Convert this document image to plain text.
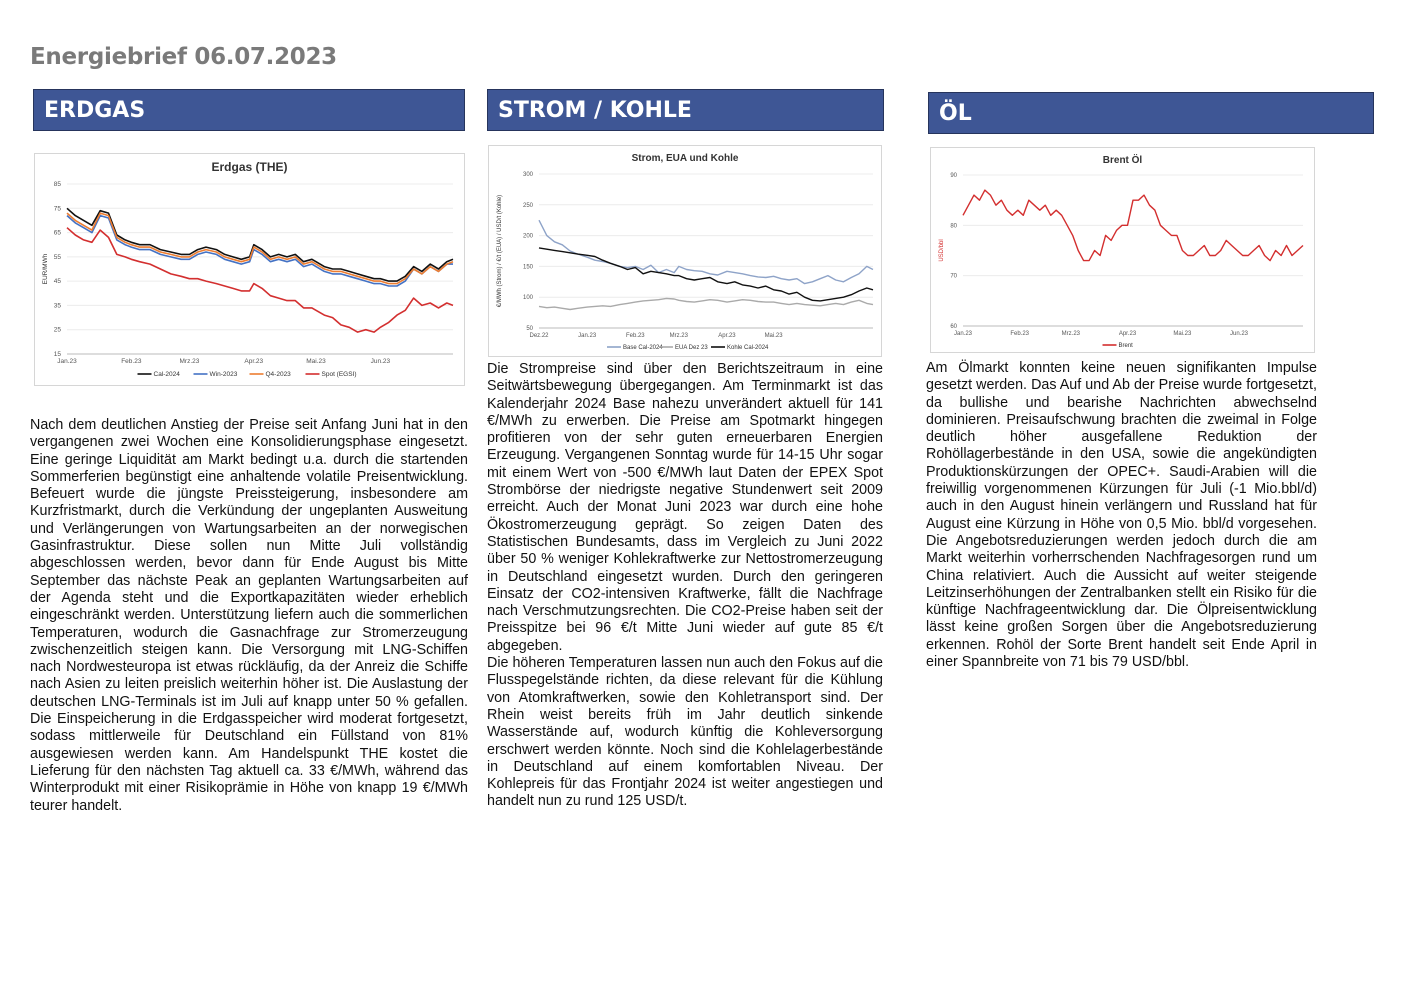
Energiebrief 06.07.2023
ERDGAS	STROM / KOHLE	ÖL
Erdgas (THE)
15
25
35
45
55
65
75
85
Jan.23	Feb.23	Mrz.23	Apr.23	Mai.23	Jun.23
EUR/MWh
Cal-2024	Win-2023	Q4-2023	Spot (EGSI)
Strom, EUA und Kohle
50
100
150
200
250
300
Dez.22	Jan.23	Feb.23	Mrz.23	Apr.23	Mai.23
€/MWh (Strom) / €/t (EUA) / USD/t (Kohle)
Base Cal-2024 EUA Dez 23	Kohle Cal-2024
Brent Öl
60
70
80
90
Jan.23	Feb.23	Mrz.23	Apr.23	Mai.23	Jun.23
USD/bbl
Brent

Nach dem deutlichen Anstieg der Preise seit Anfang Juni hat in den vergangenen zwei Wochen eine Konsolidierungsphase eingesetzt. Eine geringe Liquidität am Markt bedingt u.a. durch die startenden Sommerferien begünstigt eine anhaltende volatile Preisentwicklung. Befeuert wurde die jüngste Preissteigerung, insbesondere am Kurzfristmarkt, durch die Verkündung der ungeplanten Ausweitung und Verlängerungen von Wartungsarbeiten an der norwegischen Gasinfrastruktur. Diese sollen nun Mitte Juli vollständig abgeschlossen werden, bevor dann für Ende August bis Mitte September das nächste Peak an geplanten Wartungsarbeiten auf der Agenda steht und die Exportkapazitäten wieder erheblich eingeschränkt werden. Unterstützung liefern auch die sommerlichen Temperaturen, wodurch die Gasnachfrage zur Stromerzeugung zwischenzeitlich steigen kann. Die Versorgung mit LNG-Schiffen nach Nordwesteuropa ist etwas rückläufig, da der Anreiz die Schiffe nach Asien zu leiten preislich weiterhin höher ist. Die Auslastung der deutschen LNG-Terminals ist im Juli auf knapp unter 50 % gefallen. Die Einspeicherung in die Erdgasspeicher wird moderat fortgesetzt, sodass mittlerweile für Deutschland ein Füllstand von 81% ausgewiesen werden kann. Am Handelspunkt THE kostet die Lieferung für den nächsten Tag aktuell ca. 33 €/MWh, während das Winterprodukt mit einer Risikoprämie in Höhe von knapp 19 €/MWh teurer handelt.

Die Strompreise sind über den Berichtszeitraum in eine Seitwärtsbewegung übergegangen. Am Terminmarkt ist das Kalenderjahr 2024 Base nahezu unverändert aktuell für 141 €/MWh zu erwerben. Die Preise am Spotmarkt hingegen profitieren von der sehr guten erneuerbaren Energien Erzeugung. Vergangenen Sonntag wurde für 14-15 Uhr sogar mit einem Wert von -500 €/MWh laut Daten der EPEX Spot Strombörse der niedrigste negative Stundenwert seit 2009 erreicht. Auch der Monat Juni 2023 war durch eine hohe Ökostromerzeugung geprägt. So zeigen Daten des Statistischen Bundesamts, dass im Vergleich zu Juni 2022 über 50 % weniger Kohlekraftwerke zur Nettostromerzeugung in Deutschland eingesetzt wurden. Durch den geringeren Einsatz der CO2-intensiven Kraftwerke, fällt die Nachfrage nach Verschmutzungsrechten. Die CO2-Preise haben seit der Preisspitze bei 96 €/t Mitte Juni wieder auf gute 85 €/t abgegeben.

Die höheren Temperaturen lassen nun auch den Fokus auf die Flusspegelstände richten, da diese relevant für die Kühlung von Atomkraftwerken, sowie den Kohletransport sind. Der Rhein weist bereits früh im Jahr deutlich sinkende Wasserstände auf, wodurch künftig die Kohleversorgung erschwert werden könnte. Noch sind die Kohlelagerbestände in Deutschland auf einem komfortablen Niveau. Der Kohlepreis für das Frontjahr 2024 ist weiter angestiegen und handelt nun zu rund 125 USD/t.

Am Ölmarkt konnten keine neuen signifikanten Impulse gesetzt werden. Das Auf und Ab der Preise wurde fortgesetzt, da bullishe und bearishe Nachrichten abwechselnd dominieren. Preisaufschwung brachten die zweimal in Folge deutlich höher ausgefallene Reduktion der Rohöllagerbestände in den USA, sowie die angekündigten Produktionskürzungen der OPEC+. Saudi-Arabien will die freiwillig vorgenommenen Kürzungen für Juli (-1 Mio.bbl/d) auch in den August hinein verlängern und Russland hat für August eine Kürzung in Höhe von 0,5 Mio. bbl/d vorgesehen. Die Angebotsreduzierungen werden jedoch durch die am Markt weiterhin vorherrschenden Nachfragesorgen rund um China relativiert. Auch die Aussicht auf weiter steigende Leitzinserhöhungen der Zentralbanken stellt ein Risiko für die künftige Nachfrageentwicklung dar. Die Ölpreisentwicklung lässt keine großen Sorgen über die Angebotsreduzierung erkennen. Rohöl der Sorte Brent handelt seit Ende April in einer Spannbreite von 71 bis 79 USD/bbl.
